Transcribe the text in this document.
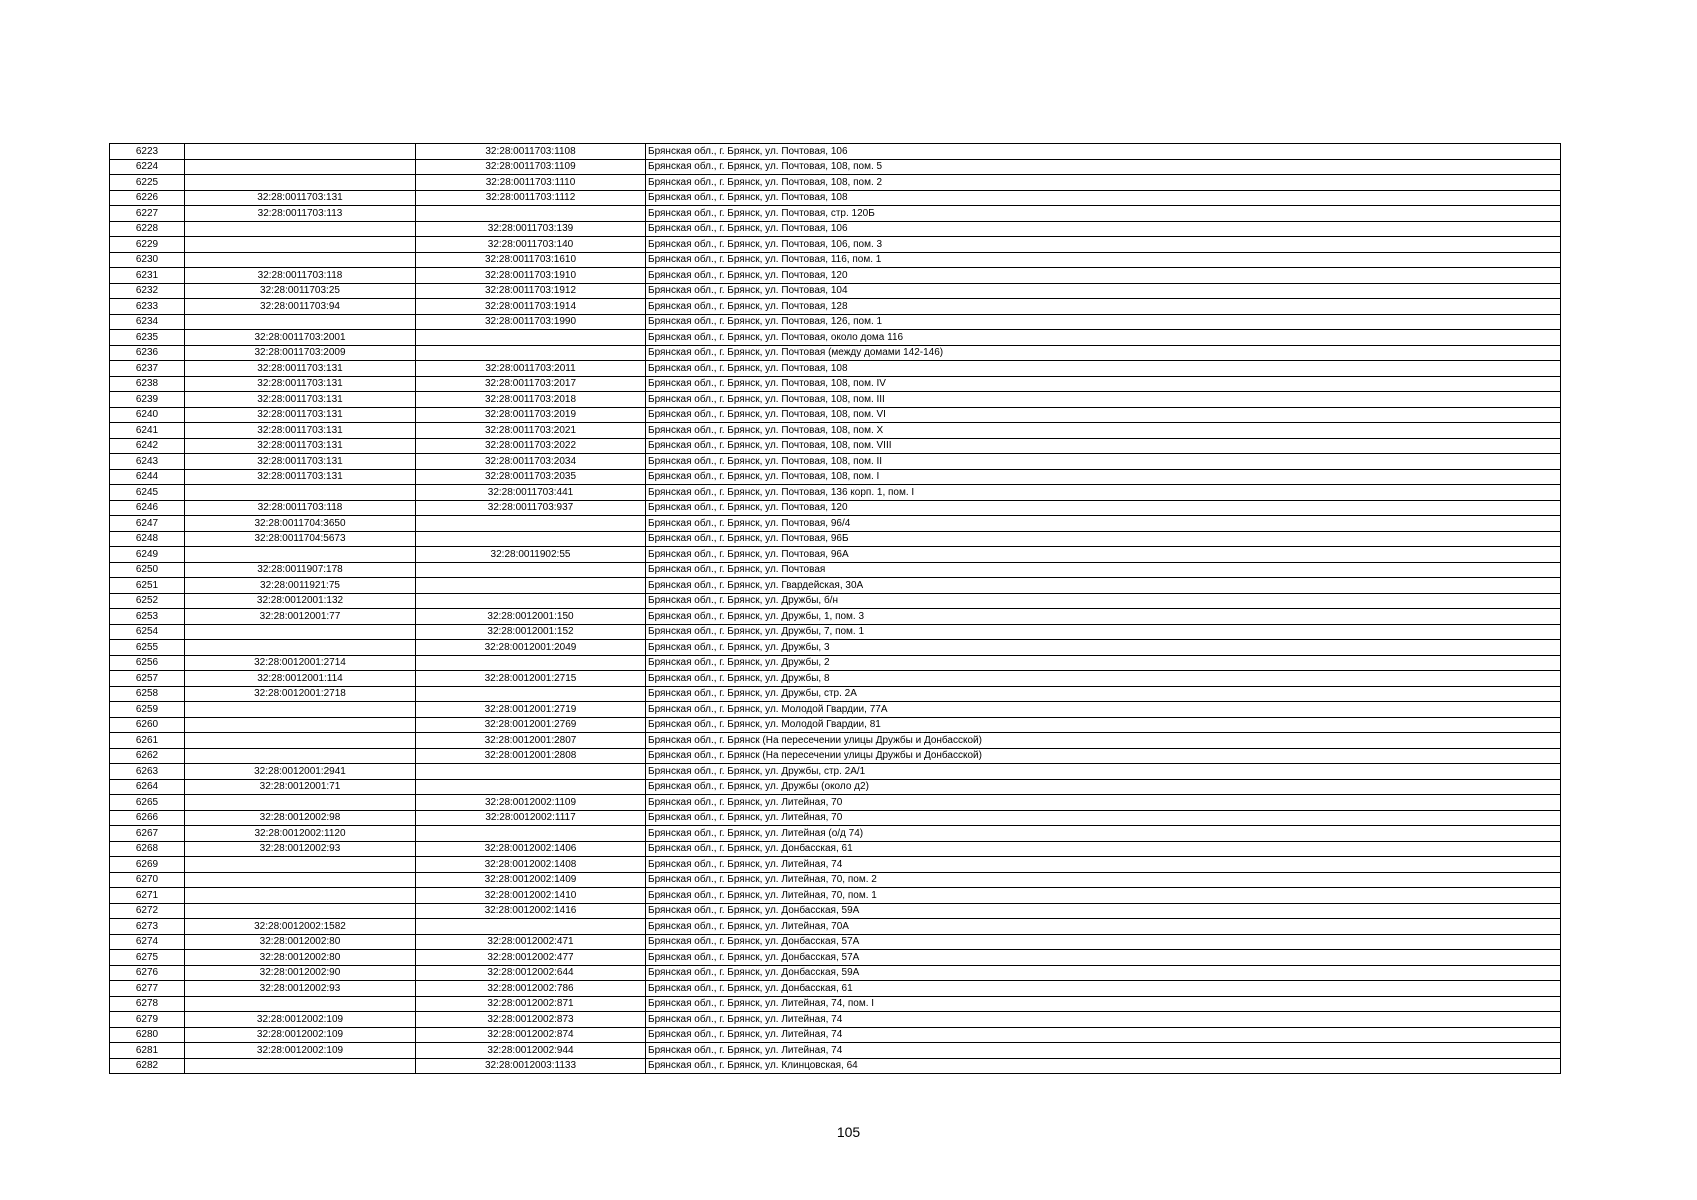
6223		32:28:0011703:1108	Брянская обл., г. Брянск, ул. Почтовая, 106
6224		32:28:0011703:1109	Брянская обл., г. Брянск, ул. Почтовая, 108, пом. 5
6225		32:28:0011703:1110	Брянская обл., г. Брянск, ул. Почтовая, 108, пом. 2
6226	32:28:0011703:131	32:28:0011703:1112	Брянская обл., г. Брянск, ул. Почтовая, 108
6227	32:28:0011703:113		Брянская обл., г. Брянск, ул. Почтовая, стр. 120Б
6228		32:28:0011703:139	Брянская обл., г. Брянск, ул. Почтовая, 106
6229		32:28:0011703:140	Брянская обл., г. Брянск, ул. Почтовая, 106, пом. 3
6230		32:28:0011703:1610	Брянская обл., г. Брянск, ул. Почтовая, 116, пом. 1
6231	32:28:0011703:118	32:28:0011703:1910	Брянская обл., г. Брянск, ул. Почтовая, 120
6232	32:28:0011703:25	32:28:0011703:1912	Брянская обл., г. Брянск, ул. Почтовая, 104
6233	32:28:0011703:94	32:28:0011703:1914	Брянская обл., г. Брянск, ул. Почтовая, 128
6234		32:28:0011703:1990	Брянская обл., г. Брянск, ул. Почтовая, 126, пом. 1
6235	32:28:0011703:2001		Брянская обл., г. Брянск, ул. Почтовая, около дома 116
6236	32:28:0011703:2009		Брянская обл., г. Брянск, ул. Почтовая (между домами 142-146)
6237	32:28:0011703:131	32:28:0011703:2011	Брянская обл., г. Брянск, ул. Почтовая, 108
6238	32:28:0011703:131	32:28:0011703:2017	Брянская обл., г. Брянск, ул. Почтовая, 108, пом. IV
6239	32:28:0011703:131	32:28:0011703:2018	Брянская обл., г. Брянск, ул. Почтовая, 108, пом. III
6240	32:28:0011703:131	32:28:0011703:2019	Брянская обл., г. Брянск, ул. Почтовая, 108, пом. VI
6241	32:28:0011703:131	32:28:0011703:2021	Брянская обл., г. Брянск, ул. Почтовая, 108, пом. X
6242	32:28:0011703:131	32:28:0011703:2022	Брянская обл., г. Брянск, ул. Почтовая, 108, пом. VIII
6243	32:28:0011703:131	32:28:0011703:2034	Брянская обл., г. Брянск, ул. Почтовая, 108, пом. II
6244	32:28:0011703:131	32:28:0011703:2035	Брянская обл., г. Брянск, ул. Почтовая, 108, пом. I
6245		32:28:0011703:441	Брянская обл., г. Брянск, ул. Почтовая, 136 корп. 1, пом. I
6246	32:28:0011703:118	32:28:0011703:937	Брянская обл., г. Брянск, ул. Почтовая, 120
6247	32:28:0011704:3650		Брянская обл., г. Брянск, ул. Почтовая, 96/4
6248	32:28:0011704:5673		Брянская обл., г. Брянск, ул. Почтовая, 96Б
6249		32:28:0011902:55	Брянская обл., г. Брянск, ул. Почтовая, 96А
6250	32:28:0011907:178		Брянская обл., г. Брянск, ул. Почтовая
6251	32:28:0011921:75		Брянская обл., г. Брянск, ул. Гвардейская, 30А
6252	32:28:0012001:132		Брянская обл., г. Брянск, ул. Дружбы, б/н
6253	32:28:0012001:77	32:28:0012001:150	Брянская обл., г. Брянск, ул. Дружбы, 1, пом. 3
6254		32:28:0012001:152	Брянская обл., г. Брянск, ул. Дружбы, 7, пом. 1
6255		32:28:0012001:2049	Брянская обл., г. Брянск, ул. Дружбы, 3
6256	32:28:0012001:2714		Брянская обл., г. Брянск, ул. Дружбы, 2
6257	32:28:0012001:114	32:28:0012001:2715	Брянская обл., г. Брянск, ул. Дружбы, 8
6258	32:28:0012001:2718		Брянская обл., г. Брянск, ул. Дружбы, стр. 2А
6259		32:28:0012001:2719	Брянская обл., г. Брянск, ул. Молодой Гвардии, 77А
6260		32:28:0012001:2769	Брянская обл., г. Брянск, ул. Молодой Гвардии, 81
6261		32:28:0012001:2807	Брянская обл., г. Брянск (На пересечении улицы Дружбы и Донбасской)
6262		32:28:0012001:2808	Брянская обл., г. Брянск (На пересечении улицы Дружбы и Донбасской)
6263	32:28:0012001:2941		Брянская обл., г. Брянск, ул. Дружбы, стр. 2А/1
6264	32:28:0012001:71		Брянская обл., г. Брянск, ул. Дружбы (около д2)
6265		32:28:0012002:1109	Брянская обл., г. Брянск, ул. Литейная, 70
6266	32:28:0012002:98	32:28:0012002:1117	Брянская обл., г. Брянск, ул. Литейная, 70
6267	32:28:0012002:1120		Брянская обл., г. Брянск, ул. Литейная (о/д 74)
6268	32:28:0012002:93	32:28:0012002:1406	Брянская обл., г. Брянск, ул. Донбасская, 61
6269		32:28:0012002:1408	Брянская обл., г. Брянск, ул. Литейная, 74
6270		32:28:0012002:1409	Брянская обл., г. Брянск, ул. Литейная, 70, пом. 2
6271		32:28:0012002:1410	Брянская обл., г. Брянск, ул. Литейная, 70, пом. 1
6272		32:28:0012002:1416	Брянская обл., г. Брянск, ул. Донбасская, 59А
6273	32:28:0012002:1582		Брянская обл., г. Брянск, ул. Литейная, 70А
6274	32:28:0012002:80	32:28:0012002:471	Брянская обл., г. Брянск, ул. Донбасская, 57А
6275	32:28:0012002:80	32:28:0012002:477	Брянская обл., г. Брянск, ул. Донбасская, 57А
6276	32:28:0012002:90	32:28:0012002:644	Брянская обл., г. Брянск, ул. Донбасская, 59А
6277	32:28:0012002:93	32:28:0012002:786	Брянская обл., г. Брянск, ул. Донбасская, 61
6278		32:28:0012002:871	Брянская обл., г. Брянск, ул. Литейная, 74, пом. I
6279	32:28:0012002:109	32:28:0012002:873	Брянская обл., г. Брянск, ул. Литейная, 74
6280	32:28:0012002:109	32:28:0012002:874	Брянская обл., г. Брянск, ул. Литейная, 74
6281	32:28:0012002:109	32:28:0012002:944	Брянская обл., г. Брянск, ул. Литейная, 74
6282		32:28:0012003:1133	Брянская обл., г. Брянск, ул. Клинцовская, 64
105
